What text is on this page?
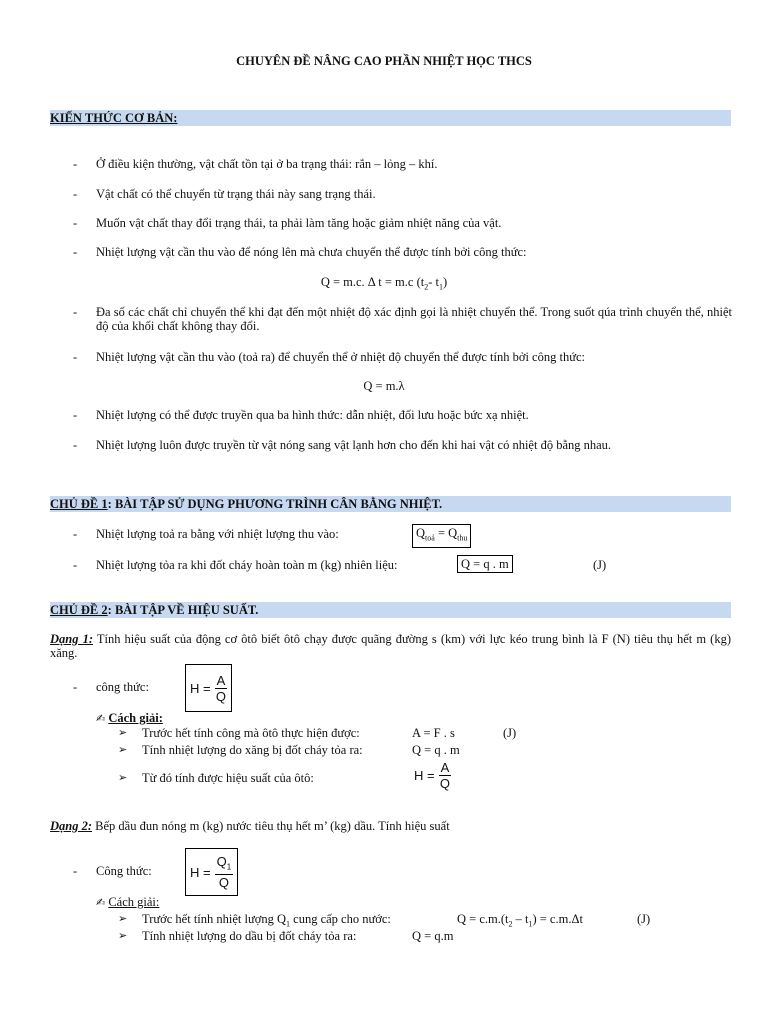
CHUYÊN ĐỀ NÂNG CAO PHẦN NHIỆT HỌC THCS
KIẾN THỨC CƠ BẢN:
- Ở điều kiện thường, vật chất tồn tại ở ba trạng thái: rắn – lỏng – khí.
- Vật chất có thể chuyển từ trạng thái này sang trạng thái.
- Muốn vật chất thay đổi trạng thái, ta phải làm tăng hoặc giảm nhiệt năng của vật.
- Nhiệt lượng vật cần thu vào để nóng lên mà chưa chuyển thể được tính bởi công thức:
Q = m.c. Δ t = m.c ($t_2-$ $t_1$)
- Đa số các chất chỉ chuyển thể khi đạt đến một nhiệt độ xác định gọi là nhiệt chuyển thể. Trong suốt qúa trình chuyển thể, nhiệt độ của khối chất không thay đổi.
- Nhiệt lượng vật cần thu vào (toả ra) để chuyển thể ở nhiệt độ chuyển thể được tính bởi công thức:
Q = m.λ
- Nhiệt lượng có thể được truyền qua ba hình thức: dẫn nhiệt, đối lưu hoặc bức xạ nhiệt.
- Nhiệt lượng luôn được truyền từ vật nóng sang vật lạnh hơn cho đến khi hai vật có nhiệt độ bằng nhau.
CHỦ ĐỀ 1: BÀI TẬP SỬ DỤNG PHƯƠNG TRÌNH CÂN BẰNG NHIỆT.
- Nhiệt lượng toả ra bằng với nhiệt lượng thu vào:	$Q_{toả} = Q_{thu}$
- Nhiệt lượng tỏa ra khi đốt cháy hoàn toàn m (kg) nhiên liệu:	Q = q . m	(J)
CHỦ ĐỀ 2: BÀI TẬP VỀ HIỆU SUẤT.
Dạng 1: Tính hiệu suất của động cơ ôtô biết ôtô chạy được quãng đường s (km) với lực kéo trung bình là F (N) tiêu thụ hết m (kg) xăng.
- công thức:	$H = \frac{A}{Q}$
✍ Cách giải:
➢ Trước hết tính công mà ôtô thực hiện được:	A = F . s	(J)
➢ Tính nhiệt lượng do xăng bị đốt cháy tỏa ra:	Q = q . m
➢ Từ đó tính được hiệu suất của ôtô:	$H = \frac{A}{Q}$
Dạng 2: Bếp dầu đun nóng m (kg) nước tiêu thụ hết m’ (kg) dầu. Tính hiệu suất
- Công thức:	$H = \frac{Q_1}{Q}$
✍ Cách giải:
➢ Trước hết tính nhiệt lượng $Q_1$ cung cấp cho nước:	$Q = c.m.(t_2 - t_1) = c.m.\Delta t$	(J)
➢ Tính nhiệt lượng do dầu bị đốt cháy tỏa ra:	Q = q.m
